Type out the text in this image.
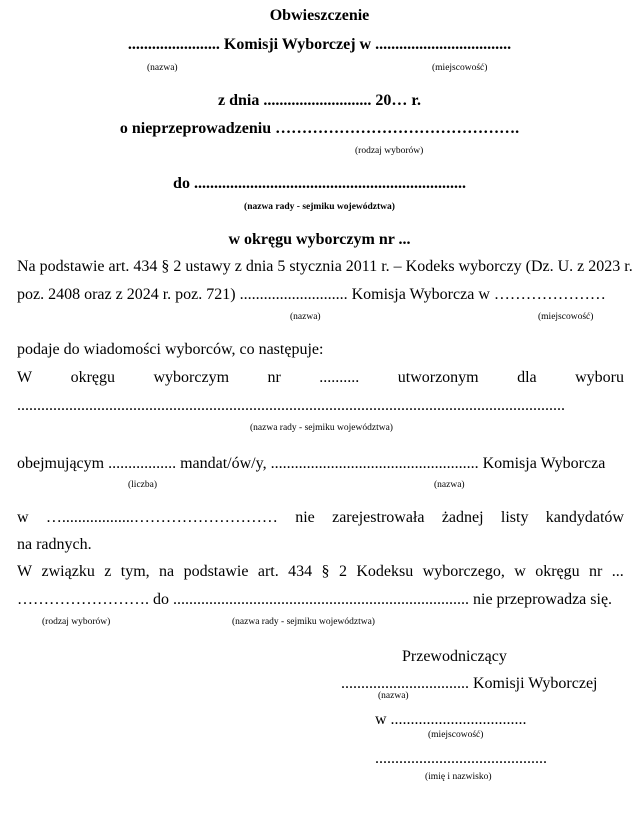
Obwieszczenie
....................... Komisji Wyborczej w ..................................
(nazwa)	(miejscowość)
z dnia ........................... 20… r.
o nieprzeprowadzeniu ……………………………………….
(rodzaj wyborów)
do ....................................................................
(nazwa rady - sejmiku województwa)
w okręgu wyborczym nr ...
Na podstawie art. 434 § 2 ustawy z dnia 5 stycznia 2011 r. – Kodeks wyborczy (Dz. U. z 2023 r.
poz. 2408 oraz z 2024 r. poz. 721) ........................... Komisja Wyborcza w …………………
(nazwa)	(miejscowość)
podaje do wiadomości wyborców, co następuje:
W okręgu wyborczym nr .......... utworzonym dla wyboru
.........................................................................................................................................
(nazwa rady - sejmiku województwa)
obejmującym ................. mandat/ów/y, .................................................... Komisja Wyborcza
(liczba)	(nazwa)
w …..................……………………… nie zarejestrowała żadnej listy kandydatów
na radnych.
W związku z tym, na podstawie art. 434 § 2 Kodeksu wyborczego, w okręgu nr ...
……………………. do .......................................................................... nie przeprowadza się.
(rodzaj wyborów)	(nazwa rady - sejmiku województwa)
Przewodniczący
................................ Komisji Wyborczej
(nazwa)
w ..................................
(miejscowość)
...........................................
(imię i nazwisko)
